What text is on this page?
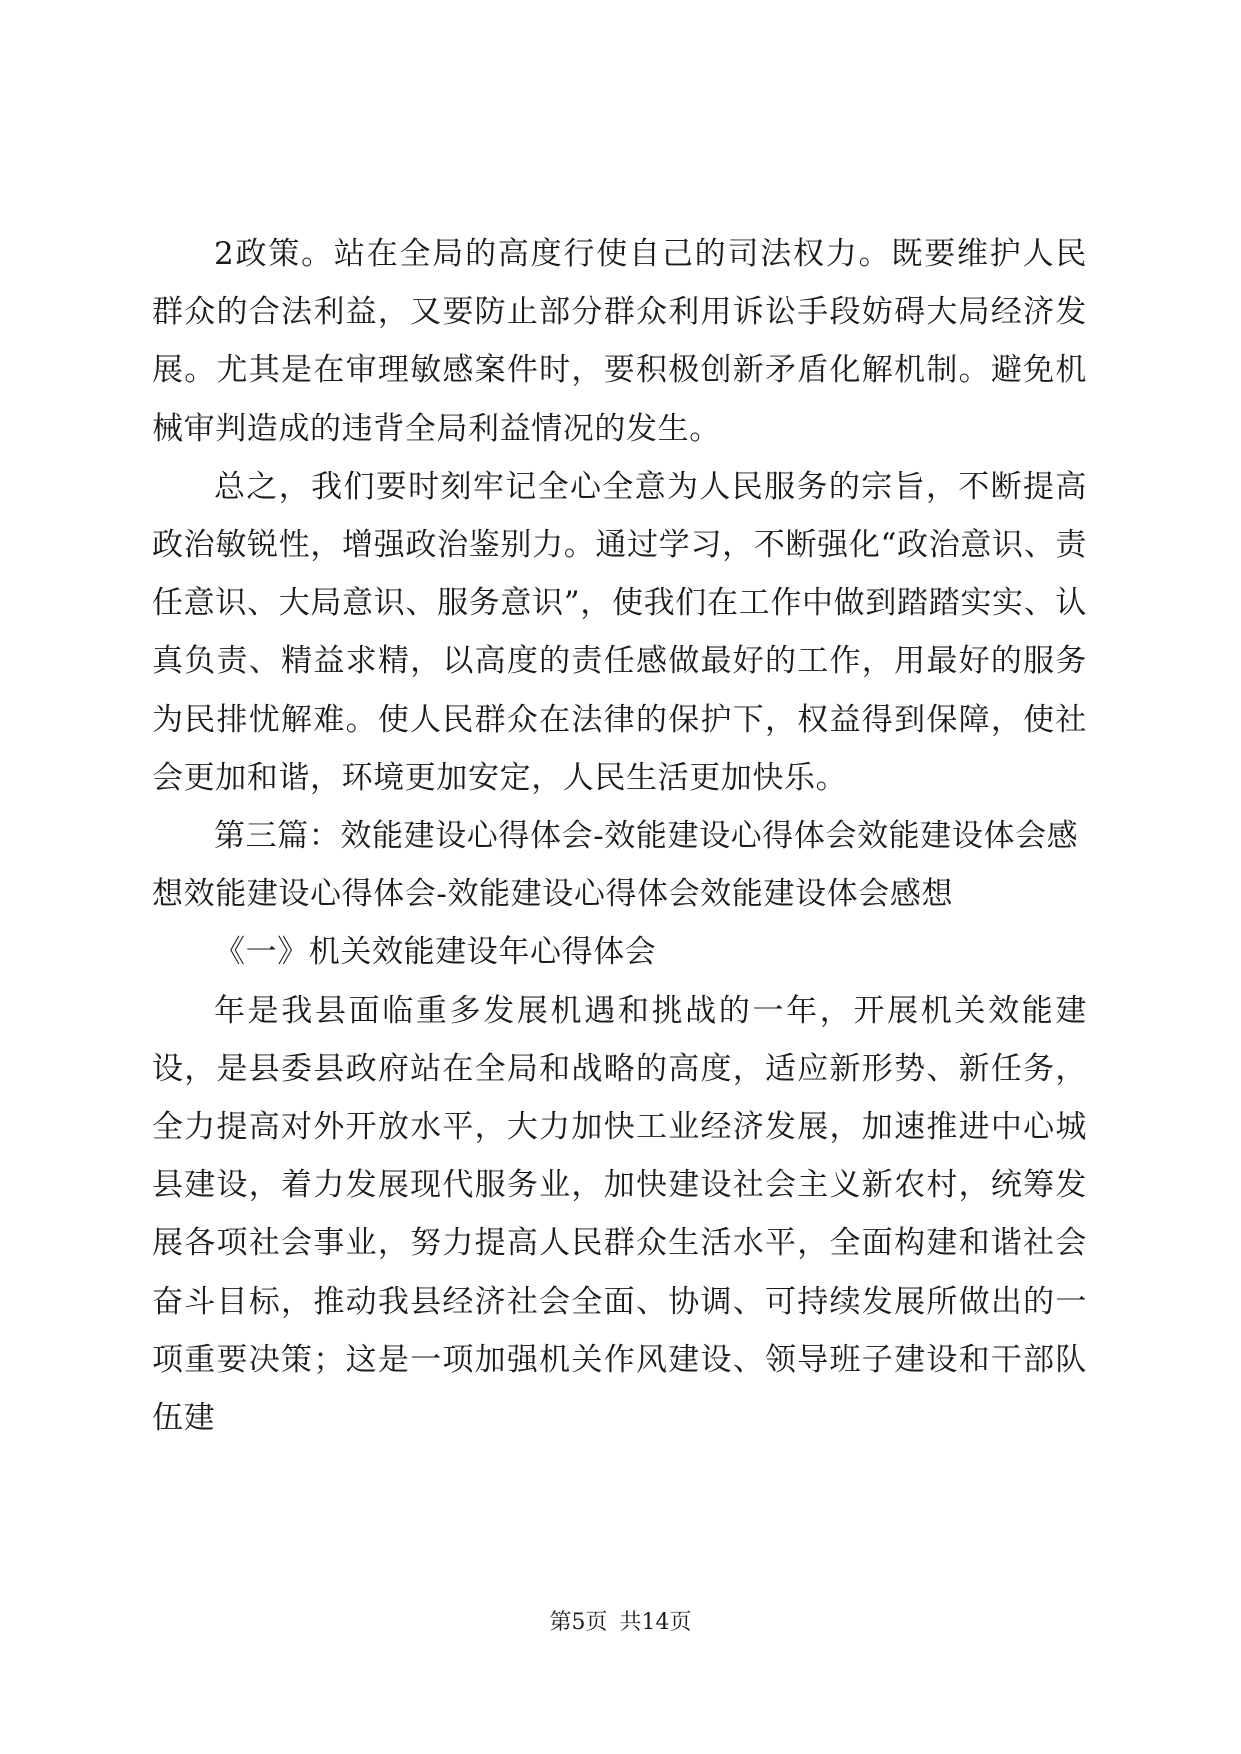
2政策。站在全局的高度行使自己的司法权力。既要维护人民群众的合法利益，又要防止部分群众利用诉讼手段妨碍大局经济发展。尤其是在审理敏感案件时，要积极创新矛盾化解机制。避免机械审判造成的违背全局利益情况的发生。

总之，我们要时刻牢记全心全意为人民服务的宗旨，不断提高政治敏锐性，增强政治鉴别力。通过学习，不断强化“政治意识、责任意识、大局意识、服务意识”，使我们在工作中做到踏踏实实、认真负责、精益求精，以高度的责任感做最好的工作，用最好的服务为民排忧解难。使人民群众在法律的保护下，权益得到保障，使社会更加和谐，环境更加安定，人民生活更加快乐。

第三篇：效能建设心得体会-效能建设心得体会效能建设体会感想效能建设心得体会-效能建设心得体会效能建设体会感想

《一》机关效能建设年心得体会

年是我县面临重多发展机遇和挑战的一年，开展机关效能建设，是县委县政府站在全局和战略的高度，适应新形势、新任务，全力提高对外开放水平，大力加快工业经济发展，加速推进中心城县建设，着力发展现代服务业，加快建设社会主义新农村，统筹发展各项社会事业，努力提高人民群众生活水平，全面构建和谐社会奋斗目标，推动我县经济社会全面、协调、可持续发展所做出的一项重要决策；这是一项加强机关作风建设、领导班子建设和干部队伍建

第5页 共14页
